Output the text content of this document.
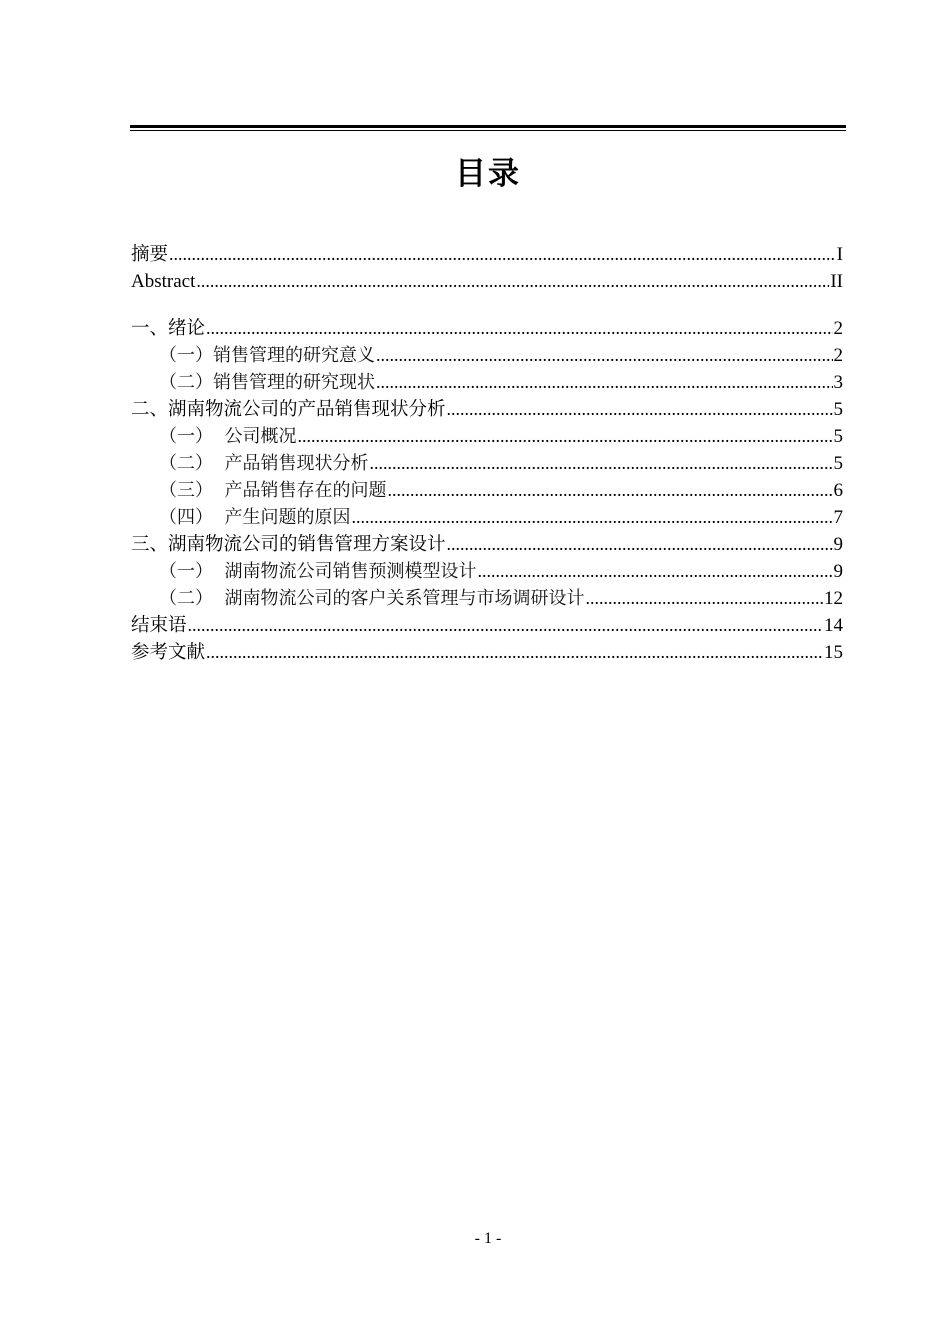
目录
摘要 .....	I
Abstract .....	II
一、绪论 .....	2
（一）销售管理的研究意义 .....	2
（二）销售管理的研究现状 .....	3
二、湖南物流公司的产品销售现状分析 .....	5
（一）  公司概况 .....	5
（二）  产品销售现状分析 .....	5
（三）  产品销售存在的问题 .....	6
（四）  产生问题的原因 .....	7
三、湖南物流公司的销售管理方案设计 .....	9
（一）  湖南物流公司销售预测模型设计 .....	9
（二）  湖南物流公司的客户关系管理与市场调研设计 .....	12
结束语 .....	14
参考文献 .....	15
- 1 -
